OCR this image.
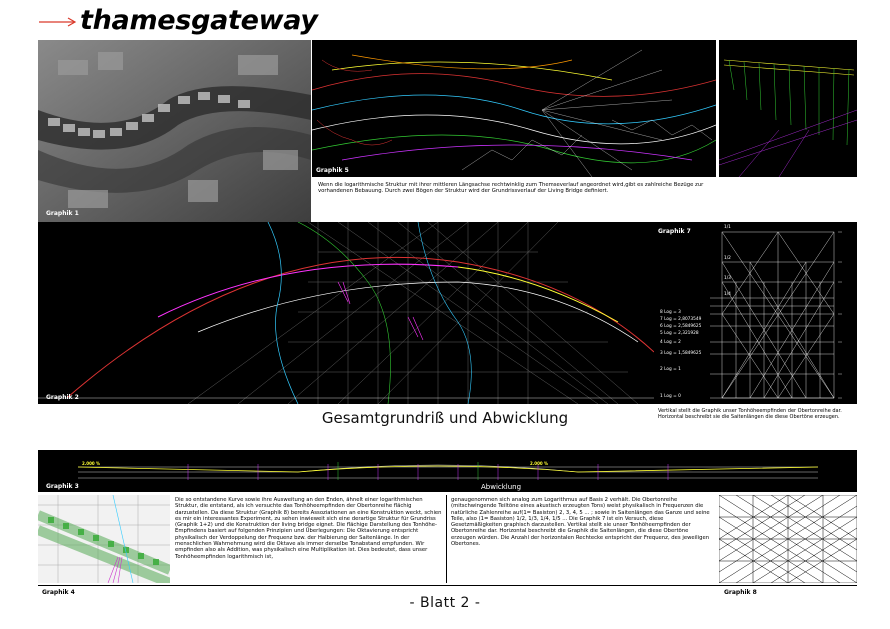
thamesgateway
Graphik 1
Graphik 5
Wenn die logarithmische Struktur mit ihrer mittleren Längsachse rechtwinklig zum Themseverlauf angeordnet wird,gibt es zahlreiche Bezüge zur vorhandenen Bebauung. Durch zwei Bögen der Struktur wird der Grundrissverlauf der Living Bridge definiert.
Graphik 2
Graphik 7
1/1
1/2
1/3
1/4
8 Log = 3
7 Log = 2,8073549
6 Log = 2,5849625
5 Log = 2,321928
4 Log = 2
3 Log = 1,5849625
2 Log = 1
1 Log = 0
Vertikal stellt die Graphik unser Tonhöheempfinden der Obertonreihe dar. Horizontal beschreibt sie die Saitenlängen die diese Obertöne erzeugen.
Gesamtgrundriß und Abwicklung
2.000 %	2.000 %
Abwicklung
Graphik 3
Graphik 4
Die so entstandene Kurve sowie ihre Ausweitung an den Enden, ähnelt einer logarithmischen Struktur, die entstand, als ich versuchte das Tonhöheempfinden der Obertonreihe flächig darzustellen. Da diese Struktur (Graphik 8) bereits Assoziationen an eine Konstruktion weckt, schien es mir ein interessantes Experiment, zu sehen inwieweit sich eine derartige Struktur für Grundriss (Graphik 1+2) und die Konstruktion der living bridge eignet. Die flächige Darstellung des Tonhöhe- Empfindens basiert auf folgenden Prinzipien und Überlegungen: Die Oktavierung entspricht physikalisch der Verdoppelung der Frequenz bzw. der Halbierung der Saitenlänge. In der menschlichen Wahrnehmung wird die Oktave als immer derselbe Tonabstand empfunden. Wir empfinden also als Addition, was physikalisch eine Multiplikation ist. Dies bedeutet, dass unser Tonhöheempfinden logarithmisch ist,
genaugenommen sich analog zum Logarithmus auf Basis 2 verhält. Die Obertonreihe (mitschwingende Teiltöne eines akustisch erzeugten Tons) weist physikalisch in Frequenzen die natürliche Zahlenreihe auf(1= Basiston) 2, 3, 4, 5 ... ; sowie in Saitenlängen das Ganze und seine Teile, also (1= Basiston) 1/2, 1/3, 1/4, 1/5 ... Die Graphik 7 ist ein Versuch, diese Gesetzmäßigkeiten graphisch darzustellen. Vertikal stellt sie unser Tonhöheempfinden der Obertonreihe dar. Horizontal beschreibt die Graphik die Saitenlängen, die diese Obertöne erzeugen würden. Die Anzahl der horizontalen Rechtecke entspricht der Frequenz, des jeweiligen Obertones.
Graphik 8
- Blatt 2 -
